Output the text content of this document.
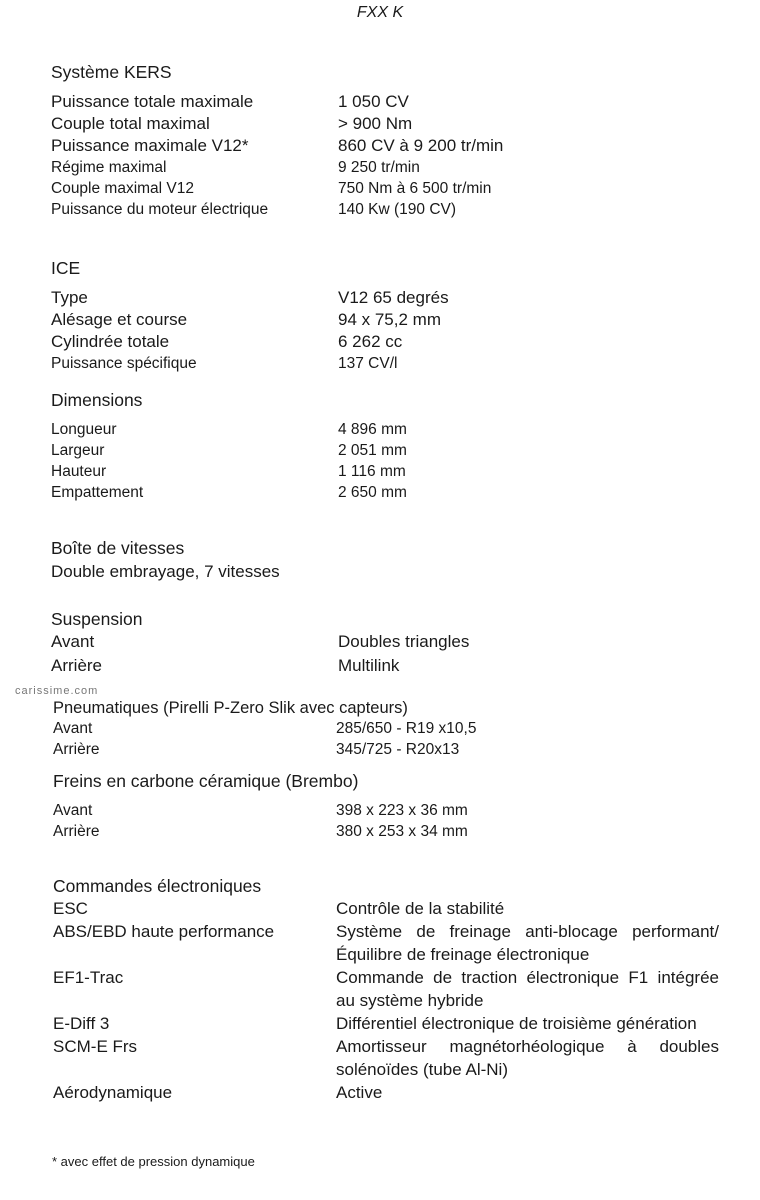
FXX K
Système KERS
Puissance totale maximale	1 050 CV
Couple total maximal	> 900 Nm
Puissance maximale V12*	860 CV à 9 200 tr/min
Régime maximal	9 250 tr/min
Couple maximal V12	750 Nm à 6 500 tr/min
Puissance du moteur électrique	140 Kw (190 CV)
ICE
Type	V12 65 degrés
Alésage et course	94 x 75,2 mm
Cylindrée totale	6 262 cc
Puissance spécifique	137 CV/l
Dimensions
Longueur	4 896 mm
Largeur	2 051 mm
Hauteur	1 116 mm
Empattement	2 650 mm
Boîte de vitesses
Double embrayage, 7 vitesses
Suspension
Avant	Doubles triangles
Arrière	Multilink
carissime.com
Pneumatiques (Pirelli P-Zero Slik avec capteurs)
Avant	285/650 - R19 x10,5
Arrière	345/725 - R20x13
Freins en carbone céramique (Brembo)
Avant	398 x 223 x 36 mm
Arrière	380 x 253 x 34 mm
Commandes électroniques
ESC	Contrôle de la stabilité
ABS/EBD haute performance	Système de freinage anti-blocage performant/Équilibre de freinage électronique
EF1-Trac	Commande de traction électronique F1 intégrée au système hybride
E-Diff 3	Différentiel électronique de troisième génération
SCM-E Frs	Amortisseur magnétorhéologique à doubles solénoïdes (tube Al-Ni)
Aérodynamique	Active
* avec effet de pression dynamique
